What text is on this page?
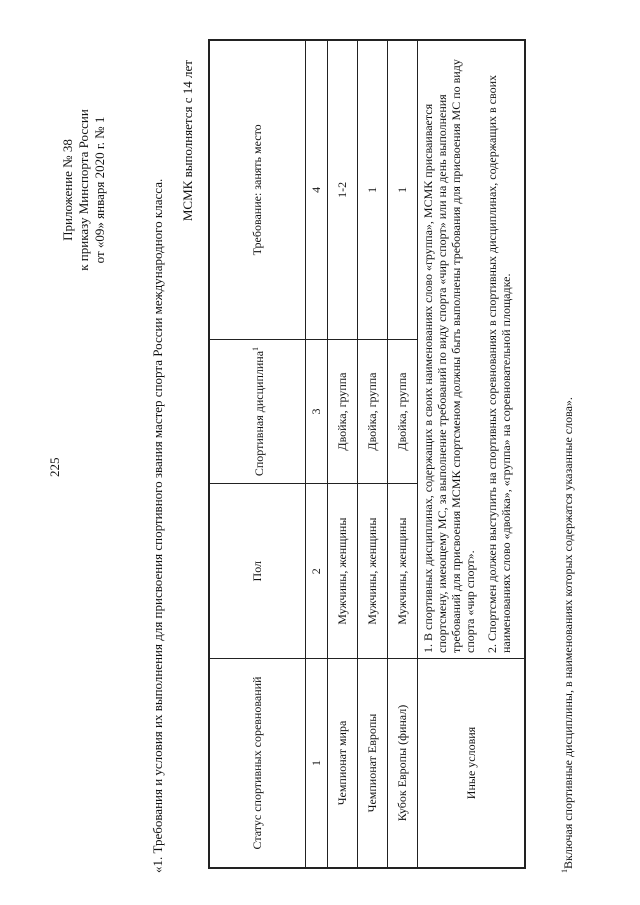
225
Приложение № 38 к приказу Минспорта России от «09» января 2020 г. № 1	«1. Требования и условия их выполнения для присвоения спортивного звания мастер спорта России международного класса.
МСМК выполняется с 14 лет
Статус спортивных соревнований	Пол	Спортивная дисциплина$^1$	Требование: занять место
1	2	3	4
Чемпионат мира	Мужчины, женщины	Двойка, группа	1-2
Чемпионат Европы	Мужчины, женщины	Двойка, группа	1
Кубок Европы (финал)	Мужчины, женщины	Двойка, группа	1
Иные условия	1. В спортивных дисциплинах, содержащих в своих наименованиях слово «группа», МСМК присваивается спортсмену, имеющему МС, за выполнение требований по виду спорта «чир спорт» или на день выполнения требований для присвоения МСМК спортсменом должны быть выполнены требования для присвоения МС по виду спорта «чир спорт». 2. Спортсмен должен выступить на спортивных соревнованиях в спортивных дисциплинах, содержащих в своих наименованиях слово «двойка», «группа» на соревновательной площадке.		

$^1$Включая спортивные дисциплины, в наименованиях которых содержатся указанные слова».
